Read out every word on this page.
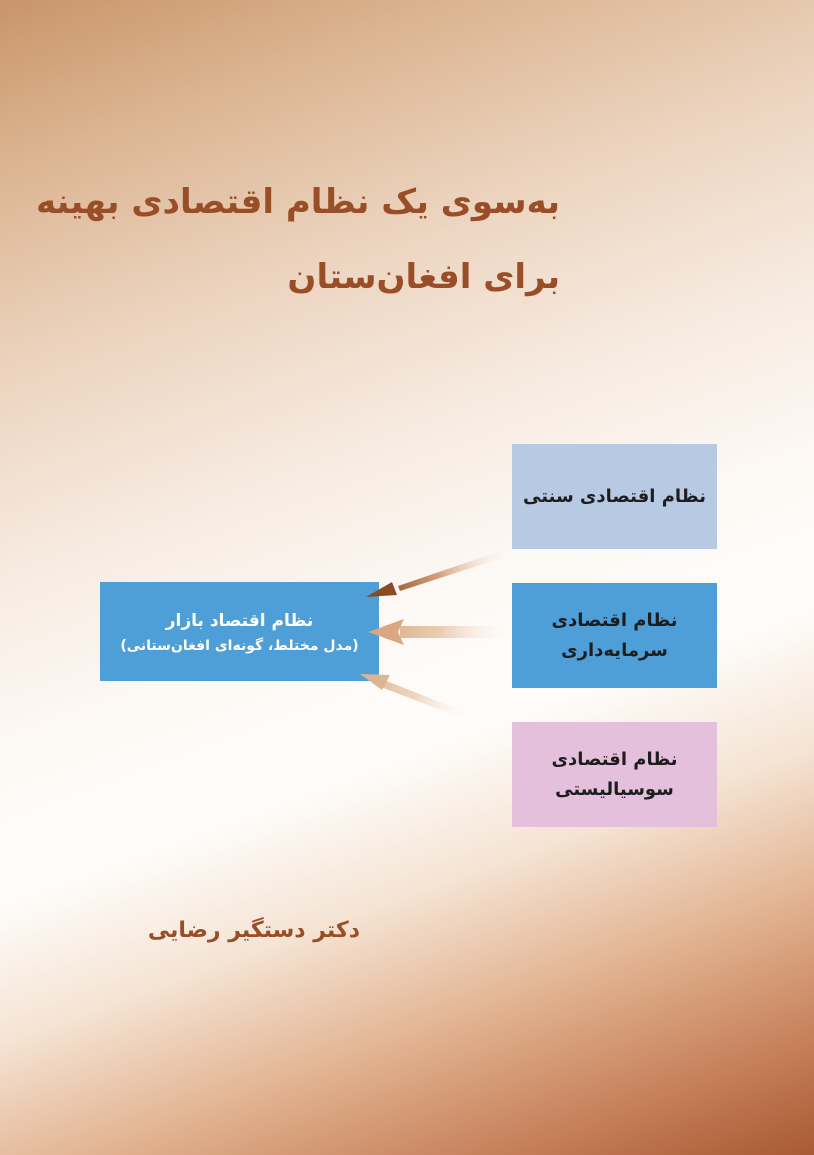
به‌سوی یک نظام اقتصادی بهینه
برای افغان‌ستان
نظام اقتصادی سنتی
نظام اقتصادی
سرمایه‌داری
نظام اقتصادی
سوسیالیستی
نظام اقتصاد بازار
(مدل مختلط، گونه‌ای افغان‌ستانی)
دکتر دستگیر رضایی
